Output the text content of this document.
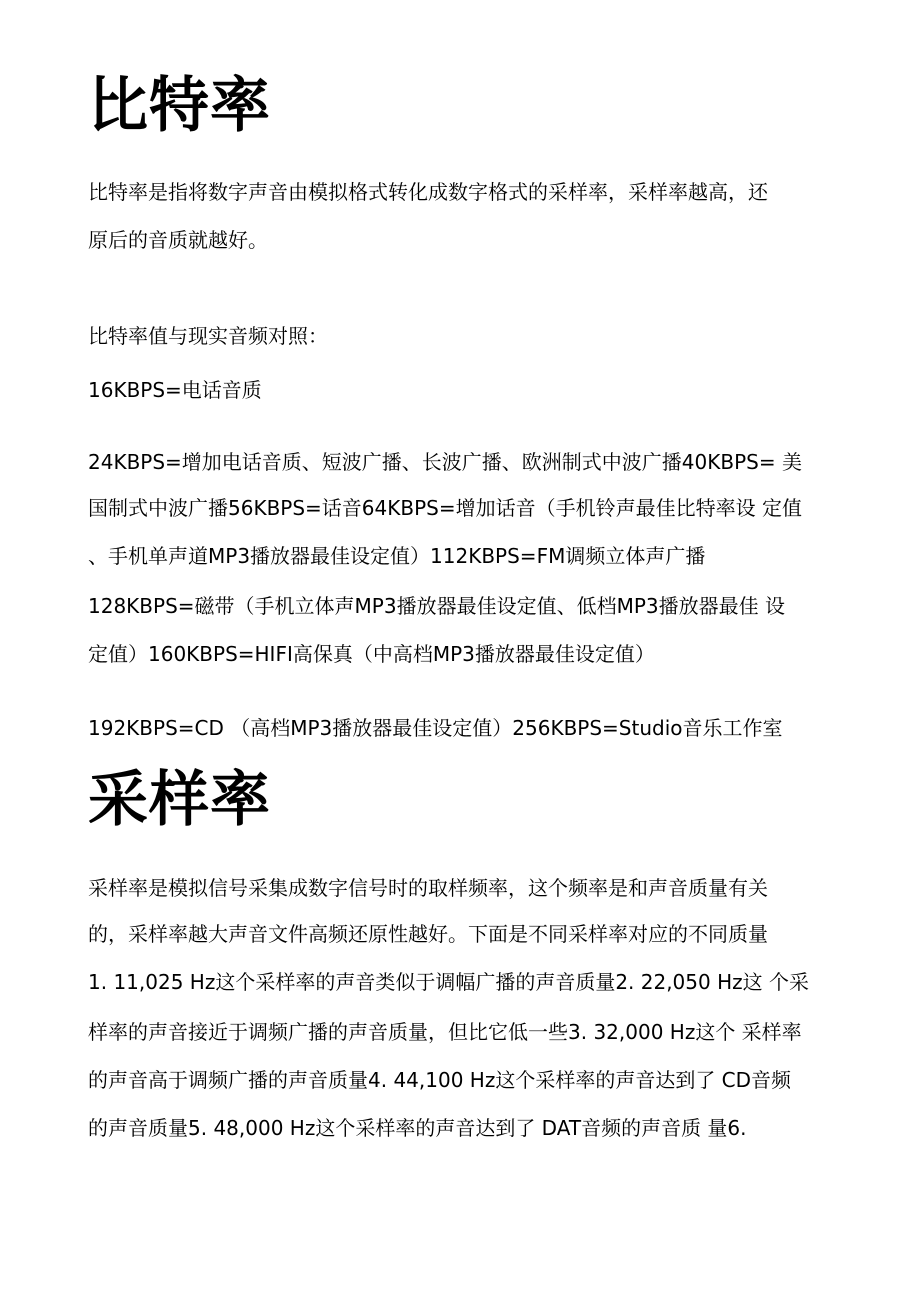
比特率

比特率是指将数字声音由模拟格式转化成数字格式的采样率，采样率越高，还

原后的音质就越好。

比特率值与现实音频对照：

16KBPS=电话音质

24KBPS=增加电话音质、短波广播、长波广播、欧洲制式中波广播40KBPS= 美

国制式中波广播56KBPS=话音64KBPS=增加话音（手机铃声最佳比特率设 定值

、手机单声道MP3播放器最佳设定值）112KBPS=FM调频立体声广播

128KBPS=磁带（手机立体声MP3播放器最佳设定值、低档MP3播放器最佳 设

定值）160KBPS=HIFI高保真（中高档MP3播放器最佳设定值）

192KBPS=CD （高档MP3播放器最佳设定值）256KBPS=Studio音乐工作室

采样率

采样率是模拟信号采集成数字信号时的取样频率，这个频率是和声音质量有关

的，采样率越大声音文件高频还原性越好。下面是不同采样率对应的不同质量

1. 11,025 Hz这个采样率的声音类似于调幅广播的声音质量2. 22,050 Hz这 个采

样率的声音接近于调频广播的声音质量，但比它低一些3. 32,000 Hz这个 采样率

的声音高于调频广播的声音质量4. 44,100 Hz这个采样率的声音达到了 CD音频

的声音质量5. 48,000 Hz这个采样率的声音达到了 DAT音频的声音质 量6.
